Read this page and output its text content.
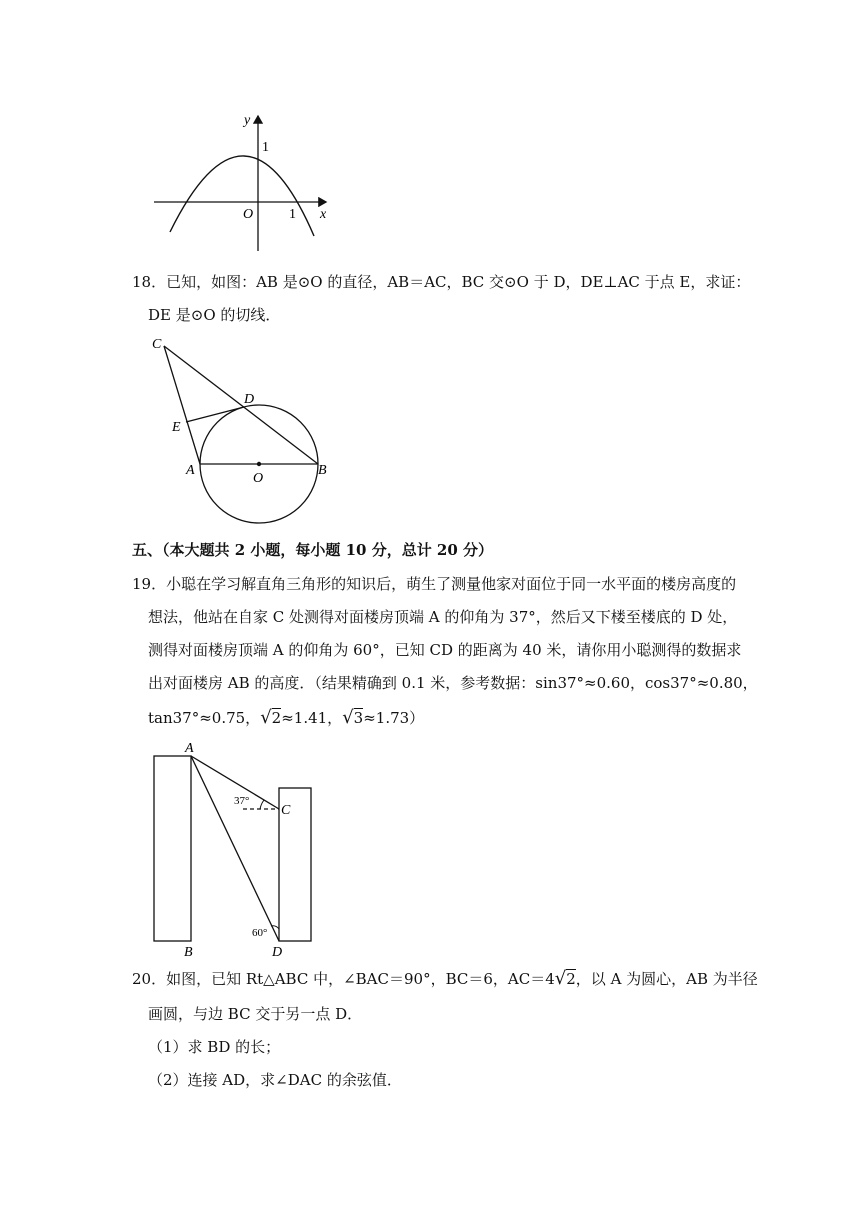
y
x
1
1
O
18．已知，如图：AB 是⊙O 的直径，AB＝AC，BC 交⊙O 于 D，DE⊥AC 于点 E，求证：
DE 是⊙O 的切线．
C
D
E
A
O
B
五、（本大题共 2 小题，每小题 10 分，总计 20 分）
19．小聪在学习解直角三角形的知识后，萌生了测量他家对面位于同一水平面的楼房高度的
想法，他站在自家 C 处测得对面楼房顶端 A 的仰角为 37°，然后又下楼至楼底的 D 处，
测得对面楼房顶端 A 的仰角为 60°，已知 CD 的距离为 40 米，请你用小聪测得的数据求
出对面楼房 AB 的高度．（结果精确到 0.1 米，参考数据：sin37°≈0.60，cos37°≈0.80，
tan37°≈0.75，√2≈1.41，√3≈1.73）
A
C
B	D
37°
60°
20．如图，已知 Rt△ABC 中，∠BAC＝90°，BC＝6，AC＝4√2，以 A 为圆心，AB 为半径
画圆，与边 BC 交于另一点 D．
（1）求 BD 的长；
（2）连接 AD，求∠DAC 的余弦值．
